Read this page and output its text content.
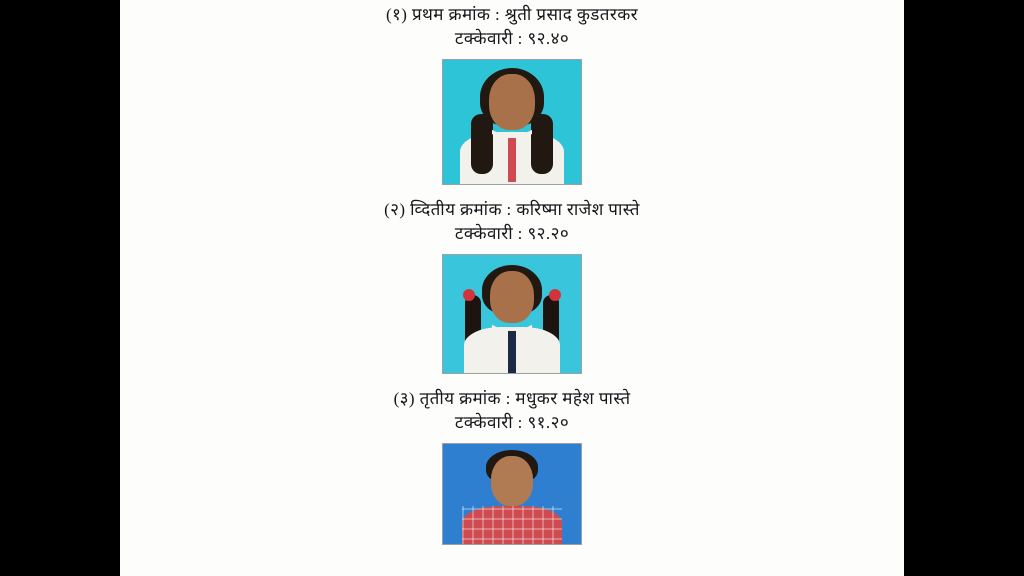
(१) प्रथम क्रमांक : श्रुती प्रसाद कुडतरकर
टक्केवारी : ९२.४०
(२) व्दितीय क्रमांक : करिष्मा राजेश पास्ते
टक्केवारी : ९२.२०
(३) तृतीय क्रमांक : मधुकर महेश पास्ते
टक्केवारी : ९१.२०
